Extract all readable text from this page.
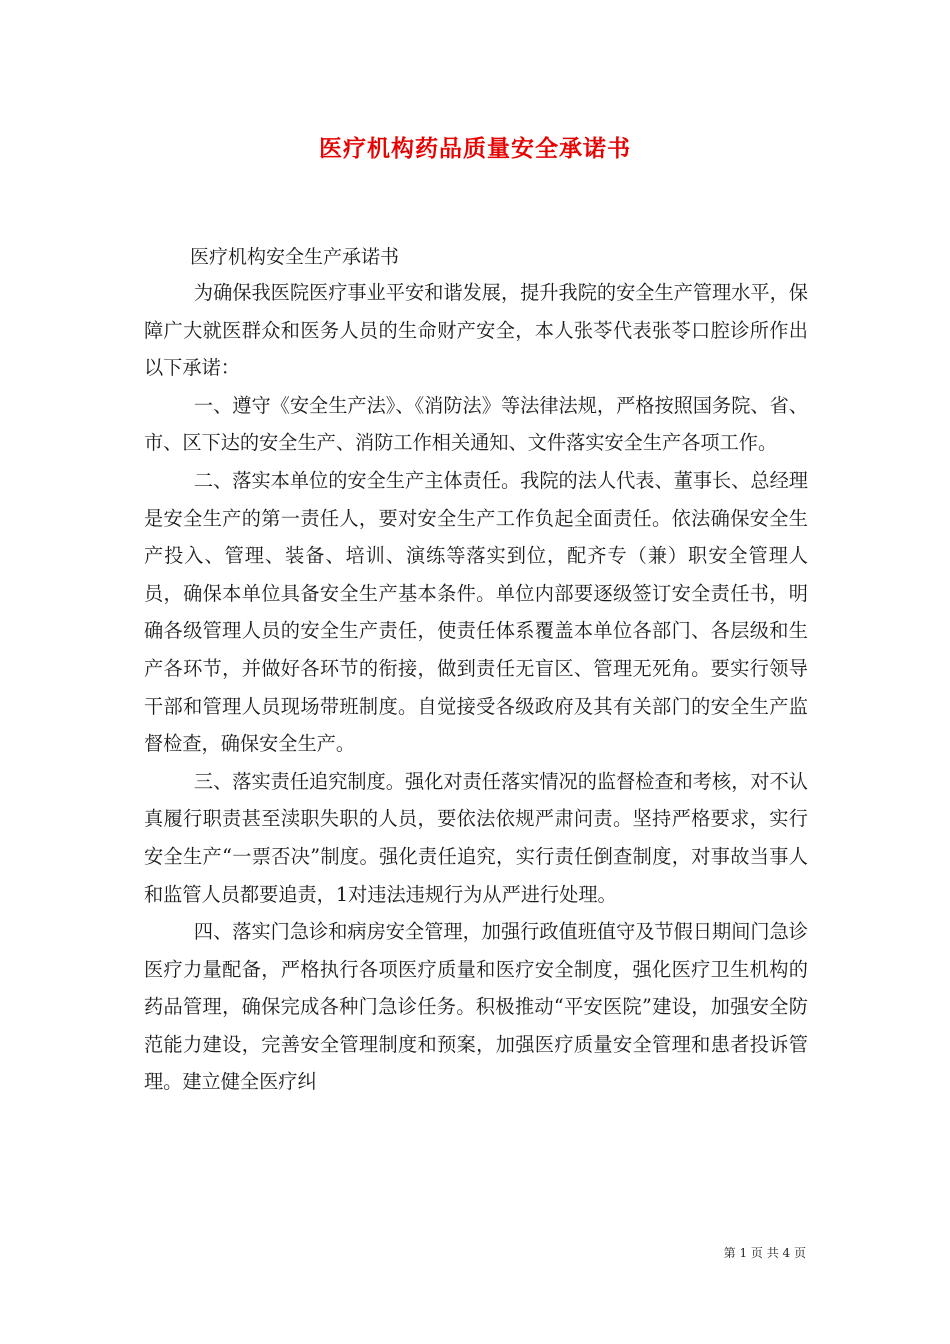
医疗机构药品质量安全承诺书

医疗机构安全生产承诺书

为确保我医院医疗事业平安和谐发展，提升我院的安全生产管理水平，保障广大就医群众和医务人员的生命财产安全，本人张苓代表张苓口腔诊所作出以下承诺：

一、遵守《安全生产法》、《消防法》等法律法规，严格按照国务院、省、市、区下达的安全生产、消防工作相关通知、文件落实安全生产各项工作。

二、落实本单位的安全生产主体责任。我院的法人代表、董事长、总经理是安全生产的第一责任人，要对安全生产工作负起全面责任。依法确保安全生产投入、管理、装备、培训、演练等落实到位，配齐专（兼）职安全管理人员，确保本单位具备安全生产基本条件。单位内部要逐级签订安全责任书，明确各级管理人员的安全生产责任，使责任体系覆盖本单位各部门、各层级和生产各环节，并做好各环节的衔接，做到责任无盲区、管理无死角。要实行领导干部和管理人员现场带班制度。自觉接受各级政府及其有关部门的安全生产监督检查，确保安全生产。

三、落实责任追究制度。强化对责任落实情况的监督检查和考核，对不认真履行职责甚至渎职失职的人员，要依法依规严肃问责。坚持严格要求，实行安全生产“一票否决”制度。强化责任追究，实行责任倒查制度，对事故当事人和监管人员都要追责，1对违法违规行为从严进行处理。

四、落实门急诊和病房安全管理，加强行政值班值守及节假日期间门急诊医疗力量配备，严格执行各项医疗质量和医疗安全制度，强化医疗卫生机构的药品管理，确保完成各种门急诊任务。积极推动“平安医院”建设，加强安全防范能力建设，完善安全管理制度和预案，加强医疗质量安全管理和患者投诉管理。建立健全医疗纠

第 1 页 共 4 页
